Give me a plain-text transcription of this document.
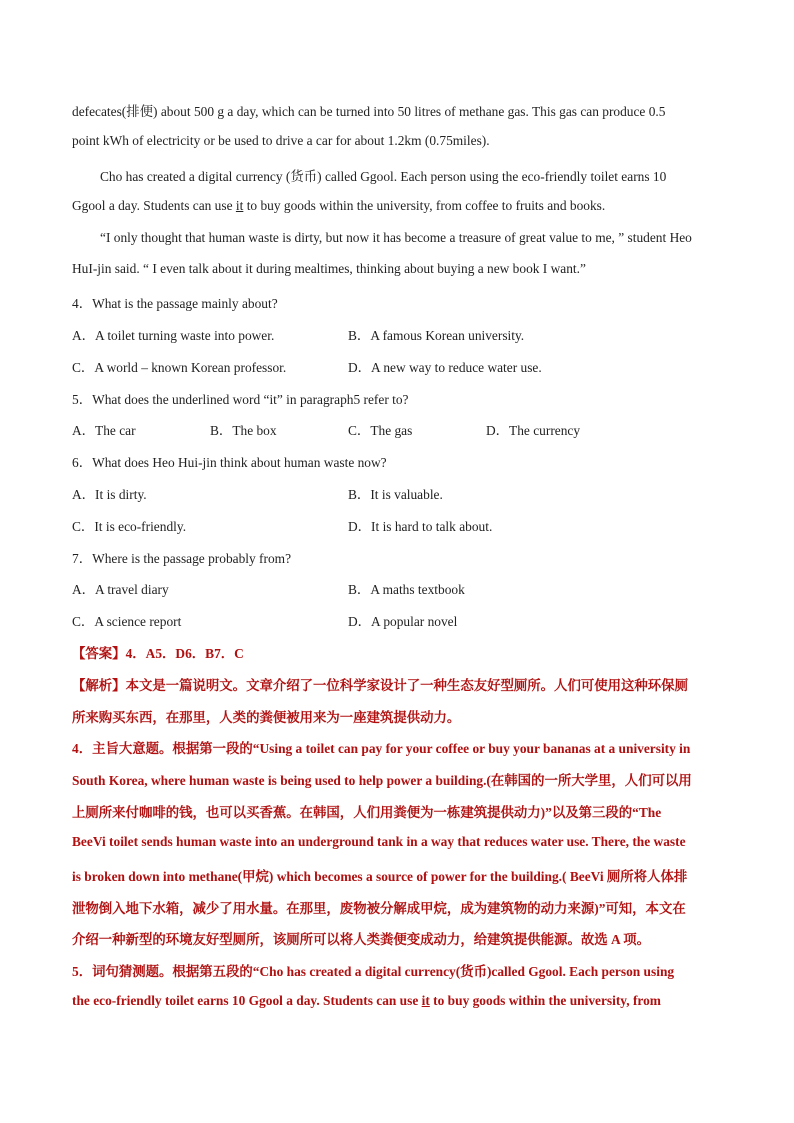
defecates(排便) about 500 g a day, which can be turned into 50 litres of methane gas. This gas can produce 0.5
point kWh of electricity or be used to drive a car for about 1.2km (0.75miles).
Cho has created a digital currency (货币) called Ggool. Each person using the eco-friendly toilet earns 10
Ggool a day. Students can use it to buy goods within the university, from coffee to fruits and books.
“I only thought that human waste is dirty, but now it has become a treasure of great value to me, ” student Heo
HuI-jin said. “ I even talk about it during mealtimes, thinking about buying a new book I want.”
4．What is the passage mainly about?
A．A toilet turning waste into power.	B．A famous Korean university.
C．A world – known Korean professor.	D．A new way to reduce water use.
5．What does the underlined word “it” in paragraph5 refer to?
A．The car	B．The box	C．The gas	D．The currency
6．What does Heo Hui-jin think about human waste now?
A．It is dirty.	B．It is valuable.
C．It is eco-friendly.	D．It is hard to talk about.
7．Where is the passage probably from?
A．A travel diary	B．A maths textbook
C．A science report	D．A popular novel
【答案】4．A5．D6．B7．C
【解析】本文是一篇说明文。文章介绍了一位科学家设计了一种生态友好型厕所。人们可使用这种环保厕
所来购买东西，在那里，人类的粪便被用来为一座建筑提供动力。
4．主旨大意题。根据第一段的“Using a toilet can pay for your coffee or buy your bananas at a university in
South Korea, where human waste is being used to help power a building.(在韩国的一所大学里，人们可以用
上厕所来付咖啡的钱，也可以买香蕉。在韩国，人们用粪便为一栋建筑提供动力)”以及第三段的“The
BeeVi toilet sends human waste into an underground tank in a way that reduces water use. There, the waste
is broken down into methane(甲烷) which becomes a source of power for the building.( BeeVi 厕所将人体排
泄物倒入地下水箱，减少了用水量。在那里，废物被分解成甲烷，成为建筑物的动力来源)”可知，本文在
介绍一种新型的环境友好型厕所，该厕所可以将人类粪便变成动力，给建筑提供能源。故选 A 项。
5．词句猜测题。根据第五段的“Cho has created a digital currency(货币)called Ggool. Each person using
the eco-friendly toilet earns 10 Ggool a day. Students can use it to buy goods within the university, from
